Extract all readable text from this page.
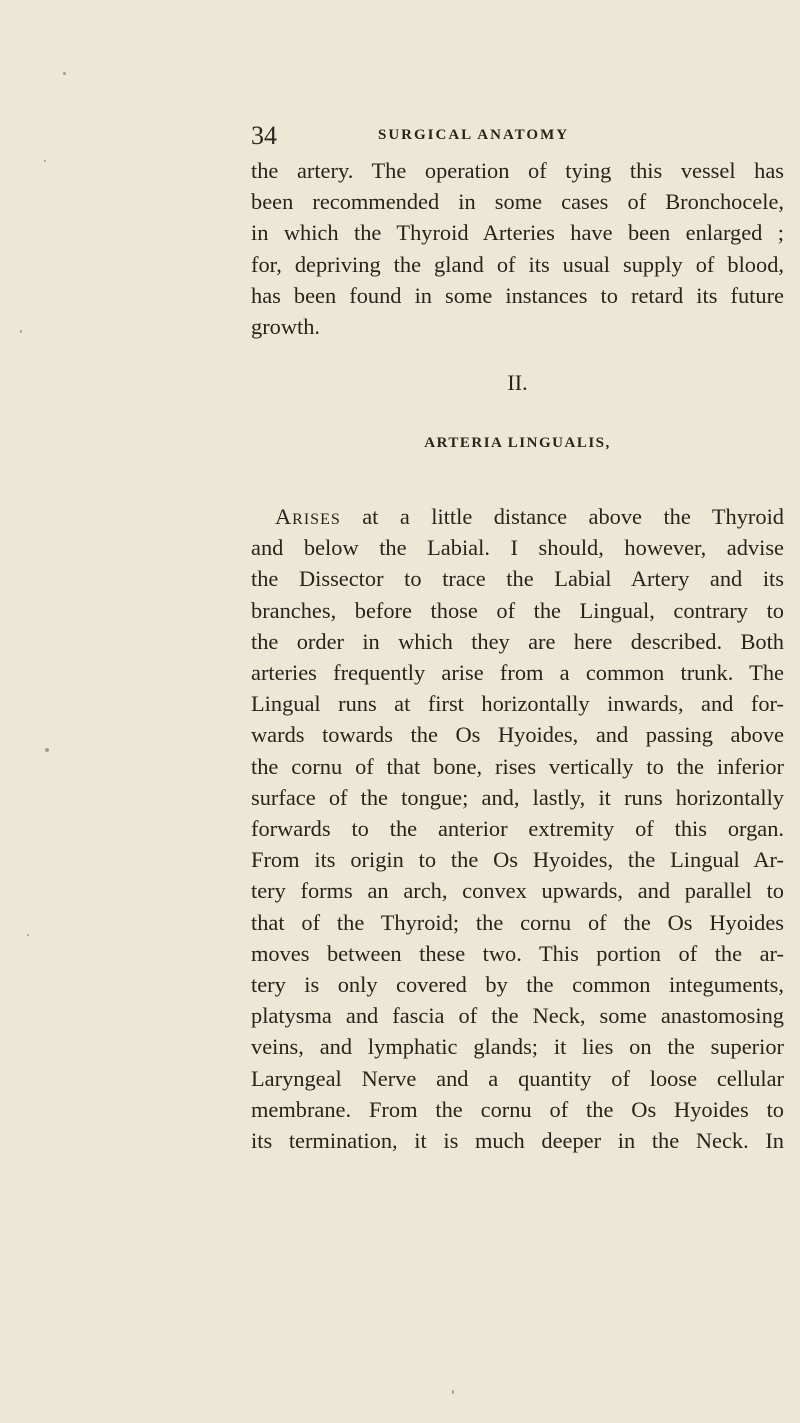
34	SURGICAL ANATOMY
the artery. The operation of tying this vessel has
been recommended in some cases of Bronchocele,
in which the Thyroid Arteries have been enlarged ;
for, depriving the gland of its usual supply of blood,
has been found in some instances to retard its future
growth.
II.
ARTERIA LINGUALIS,
Arises at a little distance above the Thyroid
and below the Labial. I should, however, advise
the Dissector to trace the Labial Artery and its
branches, before those of the Lingual, contrary to
the order in which they are here described. Both
arteries frequently arise from a common trunk. The
Lingual runs at first horizontally inwards, and for-
wards towards the Os Hyoides, and passing above
the cornu of that bone, rises vertically to the inferior
surface of the tongue; and, lastly, it runs horizontally
forwards to the anterior extremity of this organ.
From its origin to the Os Hyoides, the Lingual Ar-
tery forms an arch, convex upwards, and parallel to
that of the Thyroid; the cornu of the Os Hyoides
moves between these two. This portion of the ar-
tery is only covered by the common integuments,
platysma and fascia of the Neck, some anastomosing
veins, and lymphatic glands; it lies on the superior
Laryngeal Nerve and a quantity of loose cellular
membrane. From the cornu of the Os Hyoides to
its termination, it is much deeper in the Neck. In
